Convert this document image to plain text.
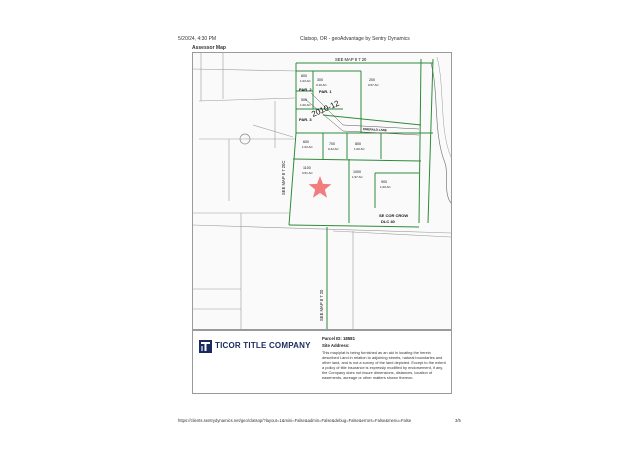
5/20/24, 4:30 PM	Clatsop, OR - geoAdvantage by Sentry Dynamics
Assessor Map
SEE MAP 8 7 20
SEE MAP 8 7 20C
SEE MAP 8 7 20
600
1.03 AC 300
0.10 AC
200
0.67 AC
PAR. 2 PAR. 1
500
1.00 AC
PAR. 3
2010-12
EMERALD LANE
600
1.03 AC
700
0.44 AC
800
1.00 AC
1100
3.51 AC	1000
1.97 AC
900
1.00 AC
SE COR CROW
DLC 40
TICOR TITLE COMPANY
Parcel ID: 18581
Site Address:
This map/plat is being furnished as an aid in locating the herein described Land in relation to adjoining streets, natural boundaries and other land, and is not a survey of the land depicted. Except to the extent a policy of title insurance is expressly modified by endorsement, if any, the Company does not insure dimensions, distances, location of easements, acreage or other matters shown thereon.
https://clients.sentrydynamics.net/geo/clatsop/?layout=1&mini=False&admin=False&debug=False&errors=False&menu=False	3/5
